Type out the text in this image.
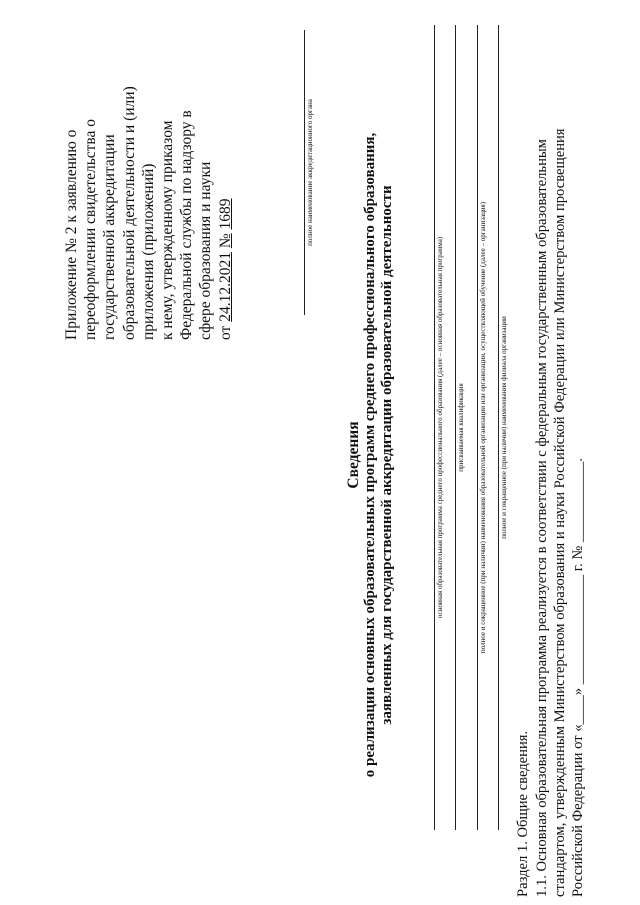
Приложение № 2 к заявлению о переоформлении свидетельства о государственной аккредитации образовательной деятельности и (или) приложения (приложений) к нему, утвержденному приказом Федеральной службы по надзору в сфере образования и науки от 24.12.2021 № 1689	полное наименование аккредитационного органа
Сведения о реализации основных образовательных программ среднего профессионального образования, заявленных для государственной аккредитации образовательной деятельности	основная образовательная программа среднего профессионального образования (далее – основная образовательная программа) присваиваемая квалификация полное и сокращенное (при наличии) наименования образовательной организации или организации, осуществляющей обучение (далее – организация) полное и сокращенное (при наличии) наименования филиала организации
Раздел 1. Общие сведения. 1.1. Основная образовательная программа реализуется в соответствии с федеральным государственным образовательным стандартом, утвержденным Министерством образования и науки Российской Федерации или Министерством просвещения Российской Федерации от «____» _______________ г. № ___________.
